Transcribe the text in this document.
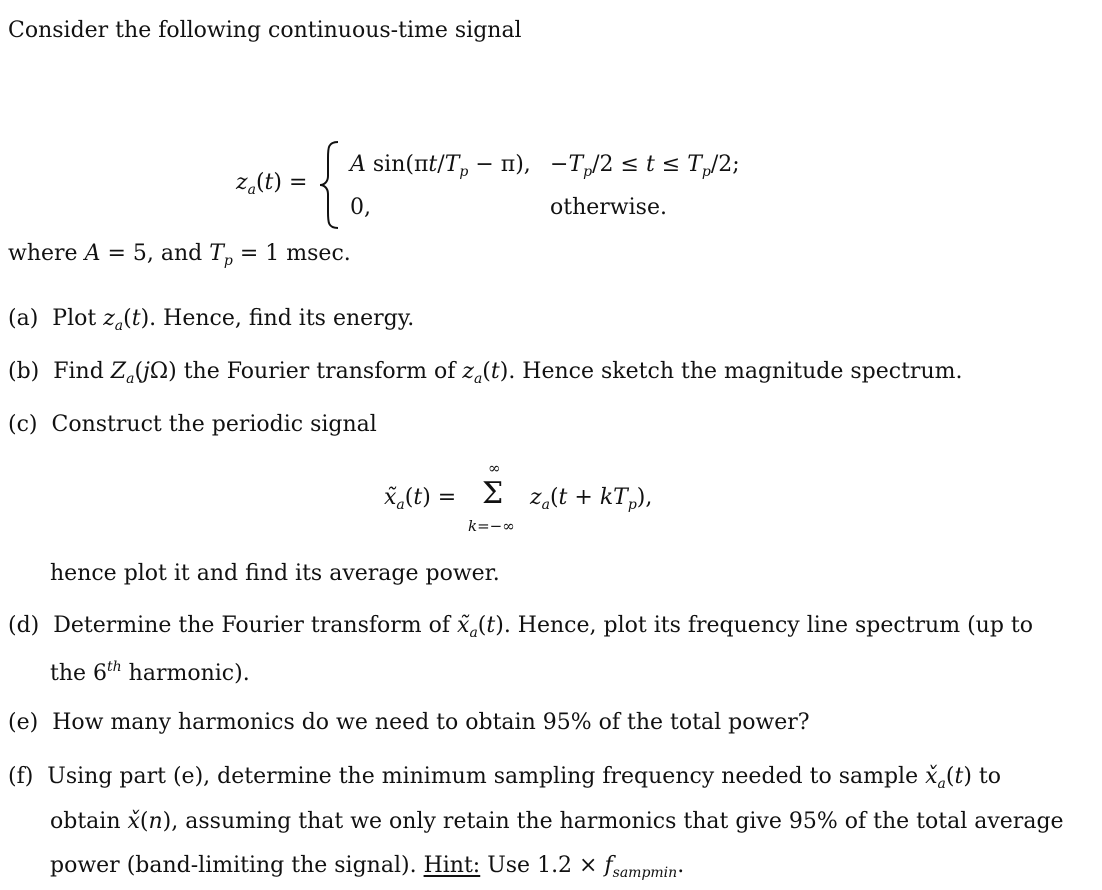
Consider the following continuous-time signal
$z_a(t)$ =
A $\sin(\pi t/T_p - \pi)$, $-T_p/2 \le t \le T_p/2$;
0,	otherwise.
where A = 5, and $T_p = 1$ msec.
(a)  Plot $z_a(t)$. Hence, find its energy.
(b)  Find $Z_a(j\Omega)$ the Fourier transform of $z_a(t)$. Hence sketch the magnitude spectrum.
(c) Construct the periodic signal
$x̃_a(t)$ =
∞
Σ
k=−∞
$z_a(t + kT_p)$,
hence plot it and find its average power.
(d)  Determine the Fourier transform of $x̃_a(t)$. Hence, plot its frequency line spectrum (up to
the 6th harmonic).
(e) How many harmonics do we need to obtain 95% of the total power?
(f)  Using part (e), determine the minimum sampling frequency needed to sample $x̌_a(t)$ to
obtain x̌(n), assuming that we only retain the harmonics that give 95% of the total average
power (band-limiting the signal). Hint: Use $1.2 \times f_{sampmin}$.
